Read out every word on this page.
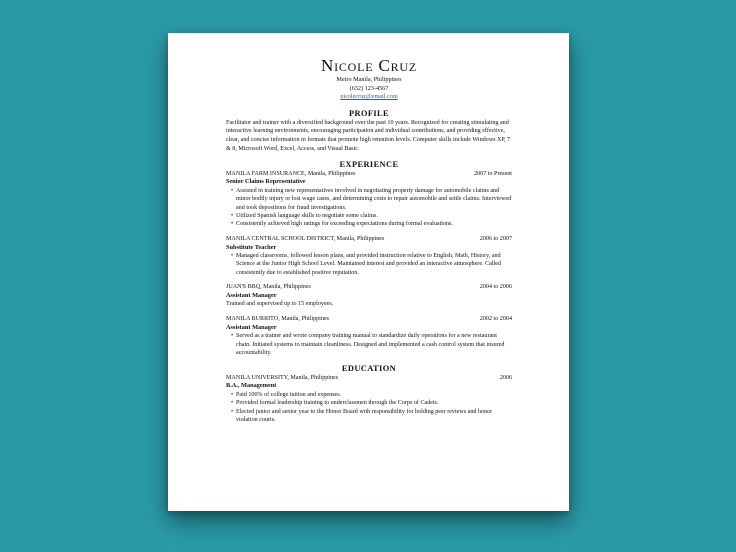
Nicole Cruz
Metro Manila, Philippines
(632) 123-4567
nicolecruz@email.com
PROFILE
Facilitator and trainer with a diversified background over the past 10 years. Recognized for creating stimulating and interactive learning environments, encouraging participation and individual contributions, and providing effective, clear, and concise information in formats that promote high retention levels. Computer skills include Windows XP, 7 & 8, Microsoft Word, Excel, Access, and Visual Basic.
EXPERIENCE
MANILA FARM INSURANCE, Manila, Philippines	2007 to Present
Senior Claims Representative
• Assisted in training new representatives involved in negotiating property damage for automobile claims and minor bodily injury or lost wage cases, and determining costs to repair automobile and settle claims. Interviewed and took depositions for fraud investigations.
• Utilized Spanish language skills to negotiate some claims.
• Consistently achieved high ratings for exceeding expectations during formal evaluations.
MANILA CENTRAL SCHOOL DISTRICT, Manila, Philippines	2006 to 2007
Substitute Teacher
• Managed classrooms, followed lesson plans, and provided instruction relative to English, Math, History, and Science at the Junior High School Level. Maintained interest and provided an interactive atmosphere. Called consistently due to established positive reputation.
JUAN'S BBQ, Manila, Philippines	2004 to 2006
Assistant Manager
Trained and supervised up to 15 employees.
MANILA BURRITO, Manila, Philippines	2002 to 2004
Assistant Manager
• Served as a trainer and wrote company training manual to standardize daily operations for a new restaurant chain. Initiated systems to maintain cleanliness. Designed and implemented a cash control system that insured accountability.
EDUCATION
MANILA UNIVERSITY, Manila, Philippines	2006
B.A., Management
• Paid 100% of college tuition and expenses.
• Provided formal leadership training to underclassmen through the Corps of Cadets.
• Elected junior and senior year to the Honor Board with responsibility for holding peer reviews and honor violation courts.
